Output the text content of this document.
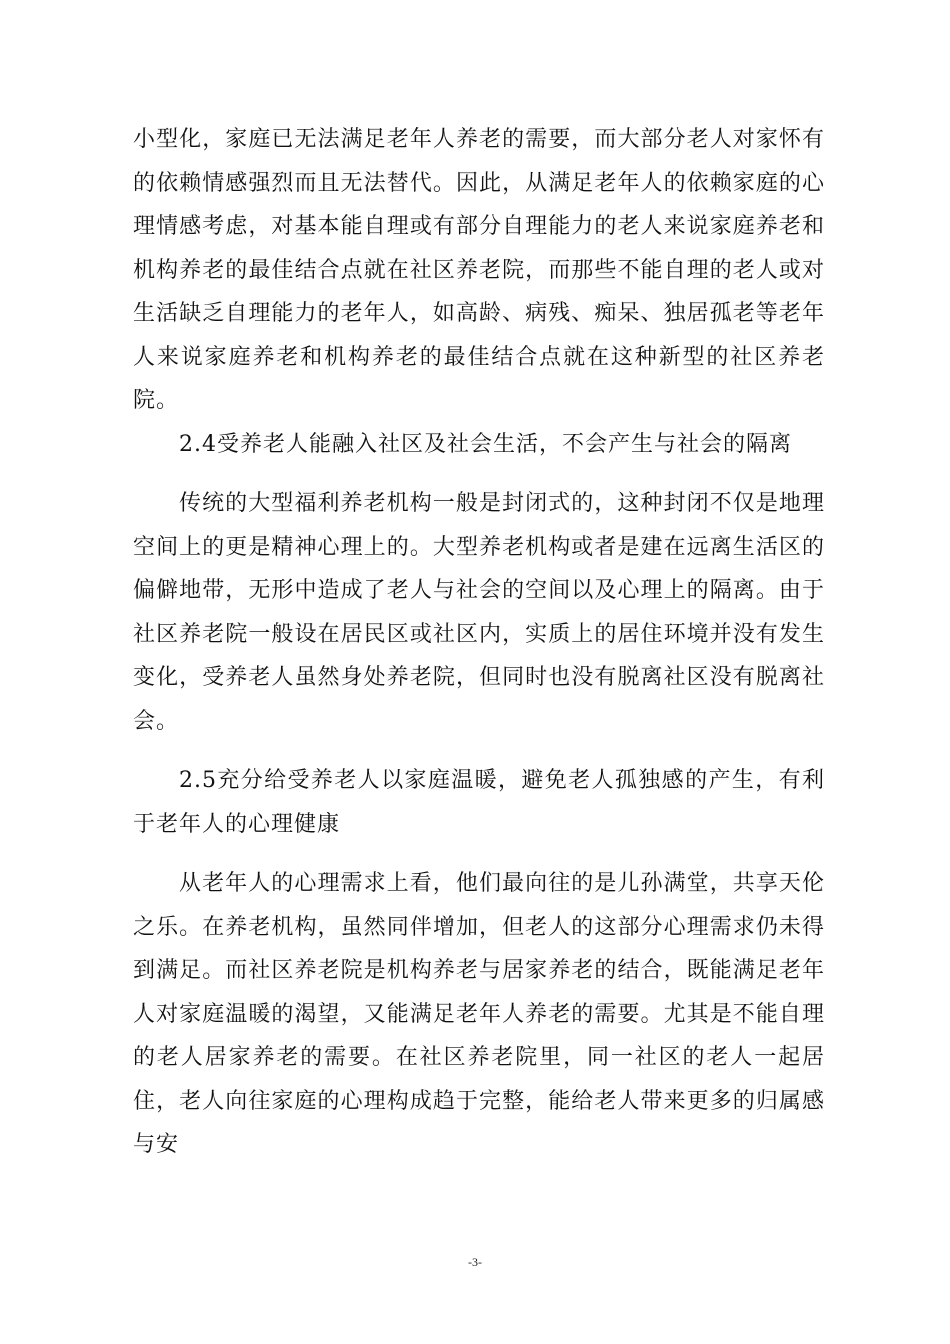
小型化，家庭已无法满足老年人养老的需要，而大部分老人对家怀有的依赖情感强烈而且无法替代。因此，从满足老年人的依赖家庭的心理情感考虑，对基本能自理或有部分自理能力的老人来说家庭养老和机构养老的最佳结合点就在社区养老院，而那些不能自理的老人或对生活缺乏自理能力的老年人，如高龄、病残、痴呆、独居孤老等老年人来说家庭养老和机构养老的最佳结合点就在这种新型的社区养老院。

2.4受养老人能融入社区及社会生活，不会产生与社会的隔离

传统的大型福利养老机构一般是封闭式的，这种封闭不仅是地理空间上的更是精神心理上的。大型养老机构或者是建在远离生活区的偏僻地带，无形中造成了老人与社会的空间以及心理上的隔离。由于社区养老院一般设在居民区或社区内，实质上的居住环境并没有发生变化，受养老人虽然身处养老院，但同时也没有脱离社区没有脱离社会。

2.5充分给受养老人以家庭温暖，避免老人孤独感的产生，有利于老年人的心理健康

从老年人的心理需求上看，他们最向往的是儿孙满堂，共享天伦之乐。在养老机构，虽然同伴增加，但老人的这部分心理需求仍未得到满足。而社区养老院是机构养老与居家养老的结合，既能满足老年人对家庭温暖的渴望，又能满足老年人养老的需要。尤其是不能自理的老人居家养老的需要。在社区养老院里，同一社区的老人一起居住，老人向往家庭的心理构成趋于完整，能给老人带来更多的归属感与安

-3-
